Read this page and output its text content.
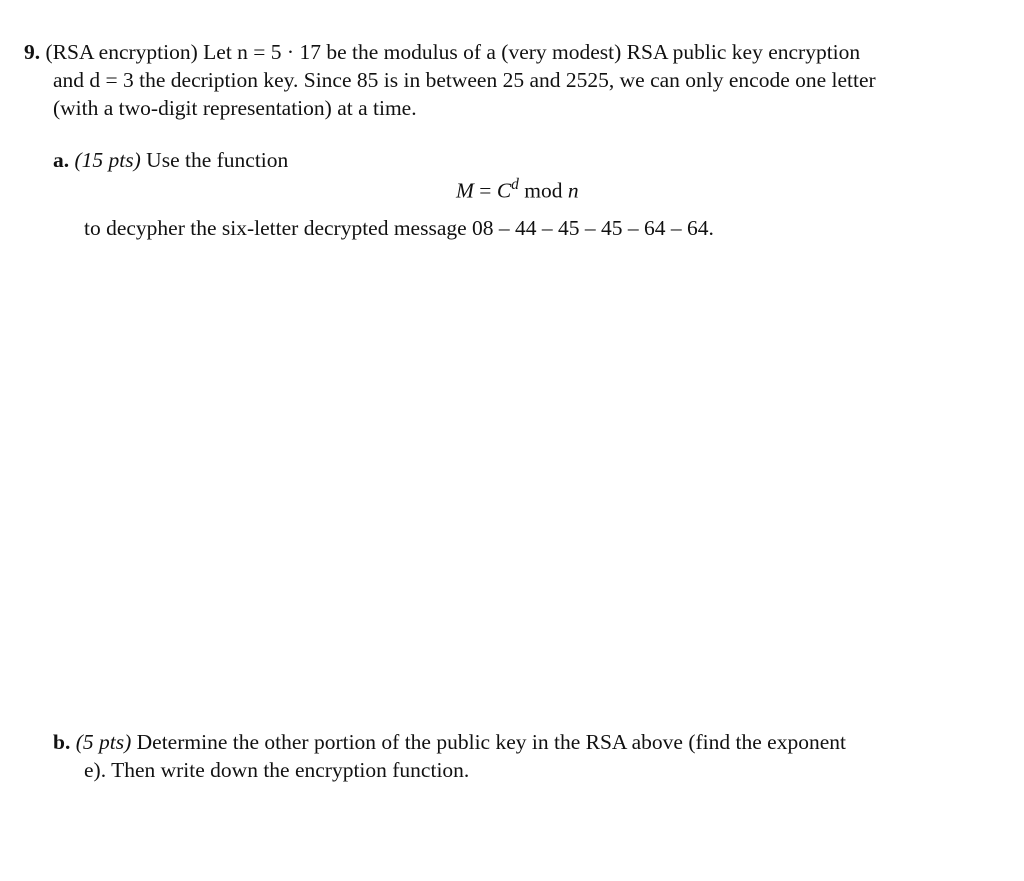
9. (RSA encryption) Let n = 5 · 17 be the modulus of a (very modest) RSA public key encryption
and d = 3 the decription key. Since 85 is in between 25 and 2525, we can only encode one letter
(with a two-digit representation) at a time.
a. (15 pts) Use the function
$M = C^d$ mod n
to decypher the six-letter decrypted message 08 – 44 – 45 – 45 – 64 – 64.
b. (5 pts) Determine the other portion of the public key in the RSA above (find the exponent
e). Then write down the encryption function.
